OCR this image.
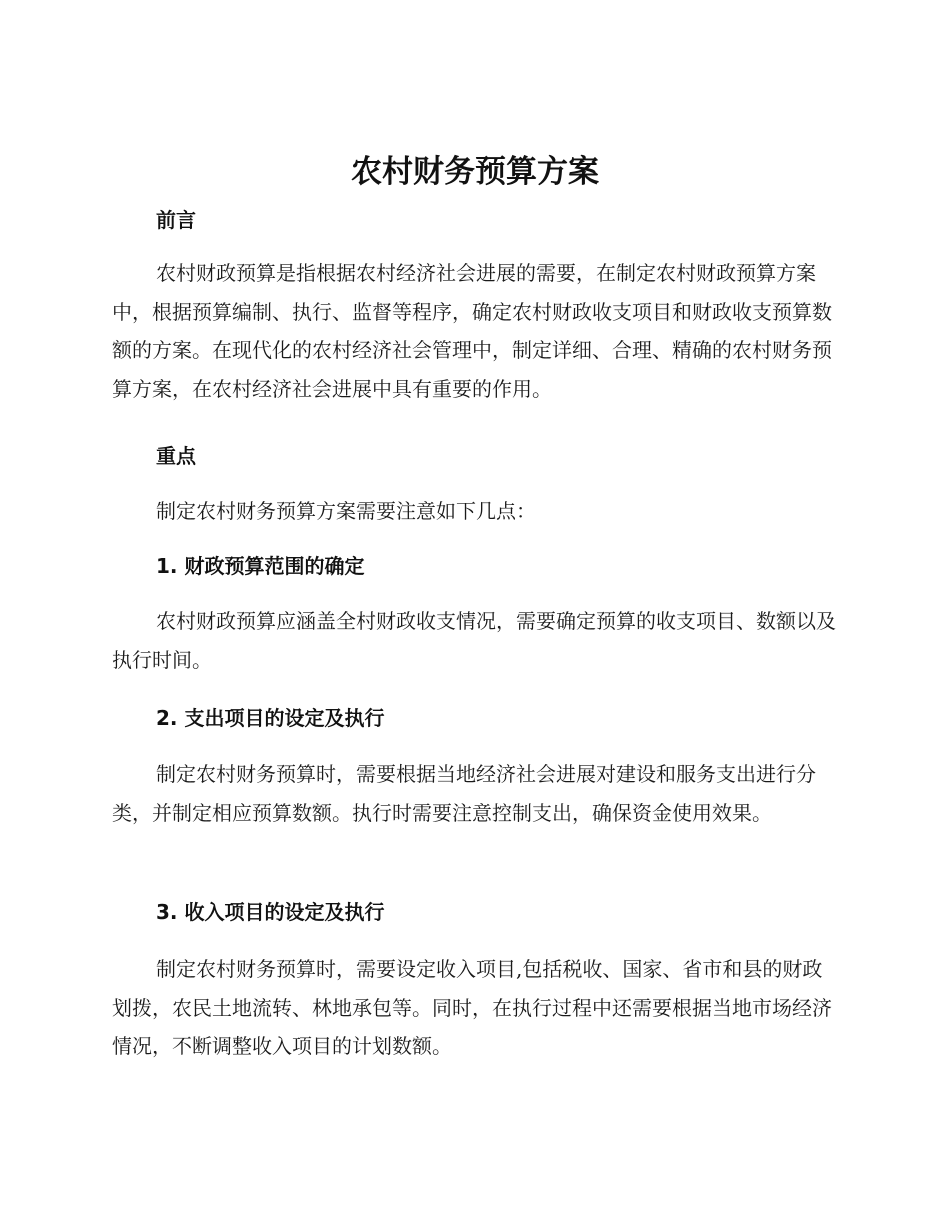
农村财务预算方案
前言

农村财政预算是指根据农村经济社会进展的需要，在制定农村财政预算方案中，根据预算编制、执行、监督等程序，确定农村财政收支项目和财政收支预算数额的方案。在现代化的农村经济社会管理中，制定详细、合理、精确的农村财务预算方案，在农村经济社会进展中具有重要的作用。

重点

制定农村财务预算方案需要注意如下几点：

1. 财政预算范围的确定

农村财政预算应涵盖全村财政收支情况，需要确定预算的收支项目、数额以及执行时间。

2. 支出项目的设定及执行

制定农村财务预算时，需要根据当地经济社会进展对建设和服务支出进行分类，并制定相应预算数额。执行时需要注意控制支出，确保资金使用效果。

3. 收入项目的设定及执行

制定农村财务预算时，需要设定收入项目,包括税收、国家、省市和县的财政划拨，农民土地流转、林地承包等。同时，在执行过程中还需要根据当地市场经济情况，不断调整收入项目的计划数额。
